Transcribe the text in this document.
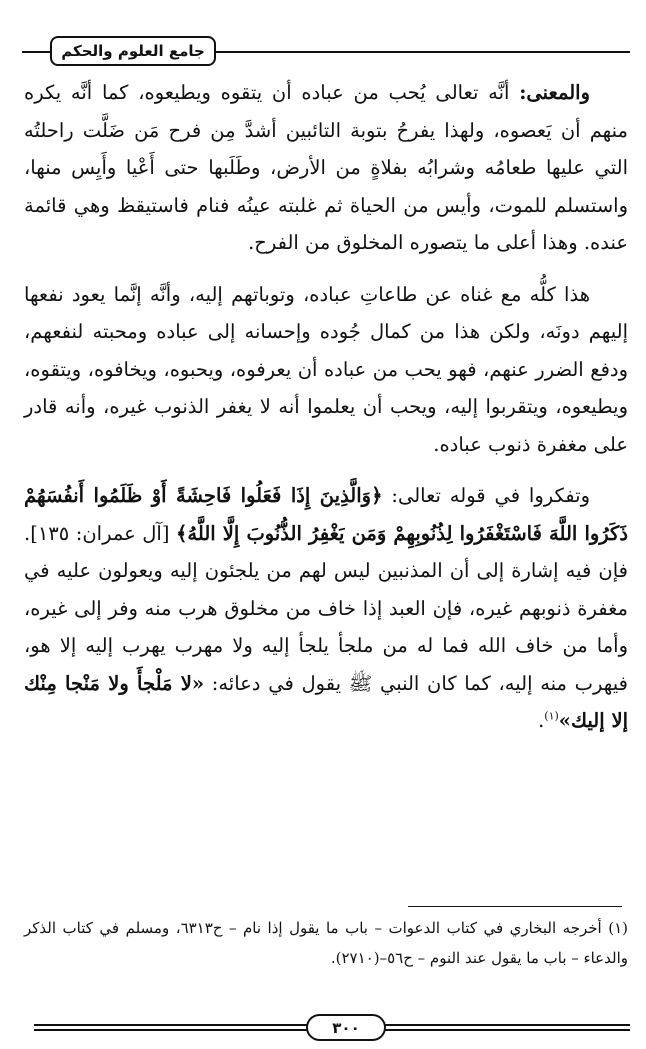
جامع العلوم والحكم

والمعنى: أنَّه تعالى يُحب من عباده أن يتقوه ويطيعوه، كما أنَّه يكره منهم أن يَعصوه، ولهذا يفرحُ بتوبة التائبين أشدَّ مِن فرح مَن ضَلَّت راحلتُه التي عليها طعامُه وشرابُه بفلاةٍ من الأرض، وطَلَبها حتى أَعْيا وأَيِس منها، واستسلم للموت، وأيس من الحياة ثم غلبته عينُه فنام فاستيقظ وهي قائمة عنده. وهذا أعلى ما يتصوره المخلوق من الفرح.

هذا كلُّه مع غناه عن طاعاتِ عباده، وتوباتهم إليه، وأنَّه إنَّما يعود نفعها إليهم دونَه، ولكن هذا من كمال جُوده وإحسانه إلى عباده ومحبته لنفعهم، ودفع الضرر عنهم، فهو يحب من عباده أن يعرفوه، ويحبوه، ويخافوه، ويتقوه، ويطيعوه، ويتقربوا إليه، ويحب أن يعلموا أنه لا يغفر الذنوب غيره، وأنه قادر على مغفرة ذنوب عباده.

وتفكروا في قوله تعالى: ﴿وَالَّذِينَ إِذَا فَعَلُوا فَاحِشَةً أَوْ ظَلَمُوا أَنفُسَهُمْ ذَكَرُوا اللَّهَ فَاسْتَغْفَرُوا لِذُنُوبِهِمْ وَمَن يَغْفِرُ الذُّنُوبَ إِلَّا اللَّهُ﴾ [آل عمران: ١٣٥]. فإن فيه إشارة إلى أن المذنبين ليس لهم من يلجئون إليه ويعولون عليه في مغفرة ذنوبهم غيره، فإن العبد إذا خاف من مخلوق هرب منه وفر إلى غيره، وأما من خاف الله فما له من ملجأ يلجأ إليه ولا مهرب يهرب إليه إلا هو، فيهرب منه إليه، كما كان النبي ﷺ يقول في دعائه: «لا مَلْجأَ ولا مَنْجا مِنْك إلا إليك»$^{(١)}$.

(١) أخرجه البخاري في كتاب الدعوات – باب ما يقول إذا نام – ح٦٣١٣، ومسلم في كتاب الذكر والدعاء – باب ما يقول عند النوم – ح٥٦–(٢٧١٠).

٣٠٠
